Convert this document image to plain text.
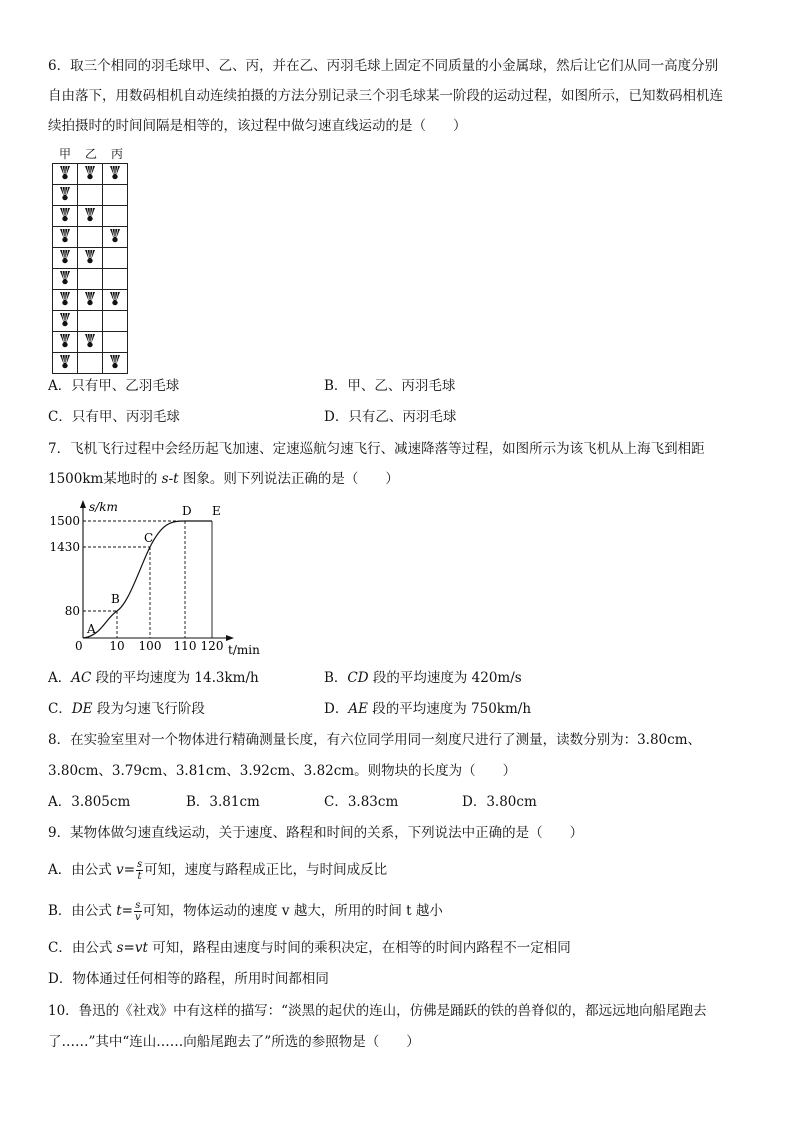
6．取三个相同的羽毛球甲、乙、丙，并在乙、丙羽毛球上固定不同质量的小金属球，然后让它们从同一高度分别
自由落下，用数码相机自动连续拍摄的方法分别记录三个羽毛球某一阶段的运动过程，如图所示，已知数码相机连
续拍摄时的时间间隔是相等的，该过程中做匀速直线运动的是（　　）
甲 乙 丙

A．只有甲、乙羽毛球	B．甲、乙、丙羽毛球
C．只有甲、丙羽毛球	D．只有乙、丙羽毛球
7．飞机飞行过程中会经历起飞加速、定速巡航匀速飞行、减速降落等过程，如图所示为该飞机从上海飞到相距
1500km某地时的 s-t 图象。则下列说法正确的是（　　）
s/km
t/min
0
A
B
C
D E
80
1430
1500
10 100 110 120
A．AC 段的平均速度为 14.3km/h	B．CD 段的平均速度为 420m/s
C．DE 段为匀速飞行阶段	D．AE 段的平均速度为 750km/h
8．在实验室里对一个物体进行精确测量长度，有六位同学用同一刻度尺进行了测量，读数分别为：3.80cm、
3.80cm、3.79cm、3.81cm、3.92cm、3.82cm。则物块的长度为（　　）
A．3.805cm	B．3.81cm	C．3.83cm	D．3.80cm
9．某物体做匀速直线运动，关于速度、路程和时间的关系，下列说法中正确的是（　　）
A．由公式 $v= \frac{s}{t}$ 可知，速度与路程成正比，与时间成反比
B．由公式 $t= \frac{s}{v}$ 可知，物体运动的速度 v 越大，所用的时间 t 越小
C．由公式 s=vt 可知，路程由速度与时间的乘积决定，在相等的时间内路程不一定相同
D．物体通过任何相等的路程，所用时间都相同
10．鲁迅的《社戏》中有这样的描写：“淡黑的起伏的连山，仿佛是踊跃的铁的兽脊似的，都远远地向船尾跑去
了……”其中“连山……向船尾跑去了”所选的参照物是（　　）
